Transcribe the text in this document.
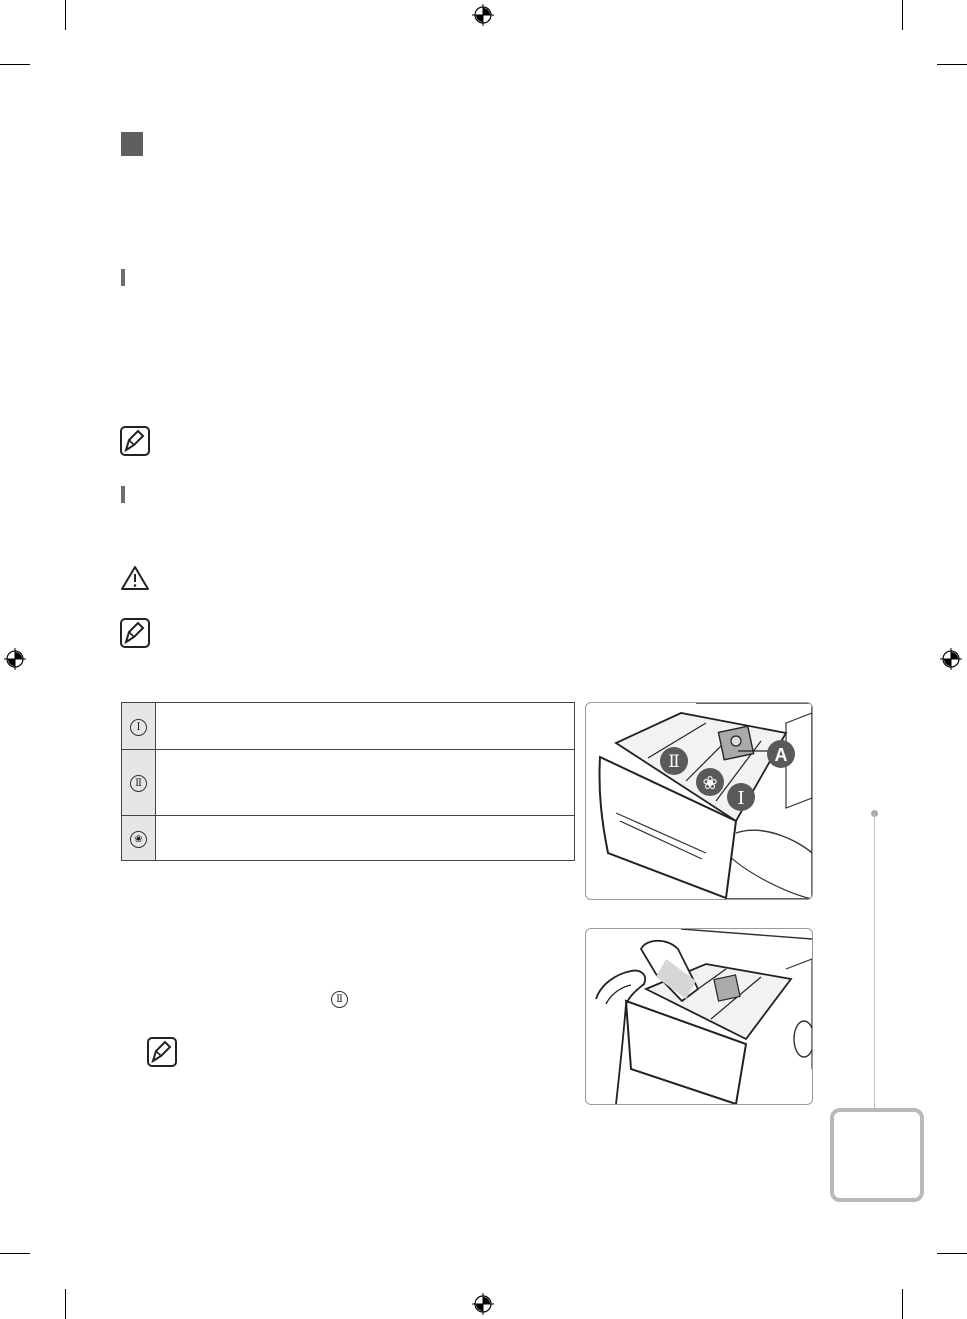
Ⅰ	
Ⅱ	
❀	
Ⅱ
Ⅱ
❀
Ⅰ
A
